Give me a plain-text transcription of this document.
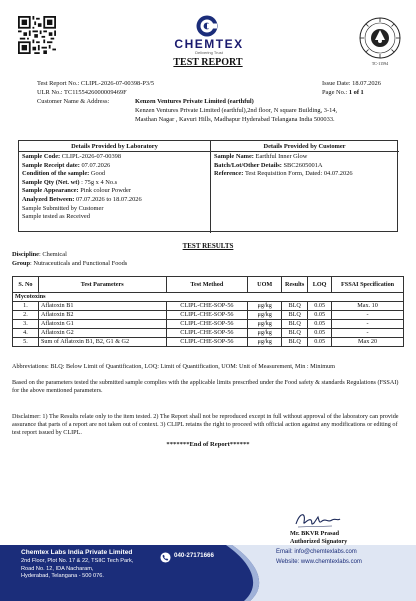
CHEMTEX
Delivering Trust
TC-11594
TEST REPORT
Test Report No.: CLIPL-2026-07-00398-P3/5
ULR No.: TC1155426000009469F
Issue Date: 18.07.2026
Page No.: 1 of 1
Customer Name & Address:	Kenzen Ventures Private Limited (earthful)
Kenzen Ventures Private Limited (earthful),2nd floor, N square Building, 3-14,
Masthan Nagar , Kavuri Hills, Madhapur Hyderabad Telangana India 500033.
Details Provided by Laboratory	Details Provided by Customer
Sample Code: CLIPL-2026-07-00398
Sample Receipt date: 07.07.2026
Condition of the sample: Good
Sample Qty (Net. wt) : 75g x 4 No.s
Sample Appearance: Pink colour Powder
Analyzed Between: 07.07.2026 to 18.07.2026
Sample Submitted by Customer
Sample tested as Received
Sample Name: Earthful Inner Glow
Batch/Lot/Other Details: SBC2605001A
Reference: Test Requisition Form, Dated: 04.07.2026
TEST RESULTS
Discipline: Chemical
Group: Nutraceuticals and Functional Foods
S. No	Test Parameters	Test Method	UOM	Results	LOQ	FSSAI Specification
Mycotoxins						
1.	Aflatoxin B1	CLIPL-CHE-SOP-56	μg/kg	BLQ	0.05	Max. 10
2.	Aflatoxin B2	CLIPL-CHE-SOP-56	μg/kg	BLQ	0.05	-
3.	Aflatoxin G1	CLIPL-CHE-SOP-56	μg/kg	BLQ	0.05	-
4.	Aflatoxin G2	CLIPL-CHE-SOP-56	μg/kg	BLQ	0.05	-
5.	Sum of Aflatoxin B1, B2, G1 & G2	CLIPL-CHE-SOP-56	μg/kg	BLQ	0.05	Max 20
Abbreviations: BLQ: Below Limit of Quantification, LOQ: Limit of Quantification, UOM: Unit of Measurement, Min : Minimum
Based on the parameters tested the submitted sample complies with the applicable limits prescribed under the Food safety & standards Regulations (FSSAI) for the above mentioned parameters.
Disclaimer: 1) The Results relate only to the item tested. 2) The Report shall not be reproduced except in full without approval of the laboratory can provide assurance that parts of a report are not taken out of context. 3) CLIPL retains the right to proceed with official action against any modifications or editing of test report issued by CLIPL.
*******End of Report******
Mr. BKVR Prasad
Authorized Signatory
Chemtex Labs India Private Limited
2nd Floor, Plot No. 17 & 22, TSIIC Tech Park,
Road No. 12, IDA Nacharam,
Hyderabad, Telangana - 500 076.
040-27171666	Email: info@chemtexlabs.com
Website: www.chemtexlabs.com
